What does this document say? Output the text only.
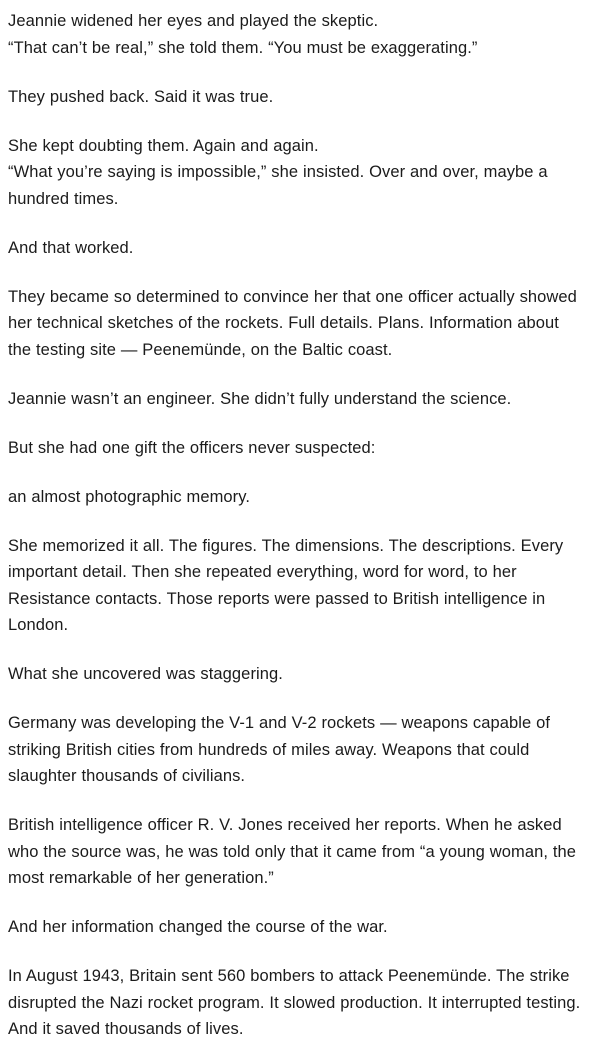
Jeannie widened her eyes and played the skeptic.
“That can’t be real,” she told them. “You must be exaggerating.”

They pushed back. Said it was true.

She kept doubting them. Again and again.
“What you’re saying is impossible,” she insisted. Over and over, maybe a hundred times.

And that worked.

They became so determined to convince her that one officer actually showed her technical sketches of the rockets. Full details. Plans. Information about the testing site — Peenemünde, on the Baltic coast.

Jeannie wasn’t an engineer. She didn’t fully understand the science.

But she had one gift the officers never suspected:

an almost photographic memory.

She memorized it all. The figures. The dimensions. The descriptions. Every important detail. Then she repeated everything, word for word, to her Resistance contacts. Those reports were passed to British intelligence in London.

What she uncovered was staggering.

Germany was developing the V-1 and V-2 rockets — weapons capable of striking British cities from hundreds of miles away. Weapons that could slaughter thousands of civilians.

British intelligence officer R. V. Jones received her reports. When he asked who the source was, he was told only that it came from “a young woman, the most remarkable of her generation.”

And her information changed the course of the war.

In August 1943, Britain sent 560 bombers to attack Peenemünde. The strike disrupted the Nazi rocket program. It slowed production. It interrupted testing. And it saved thousands of lives.
